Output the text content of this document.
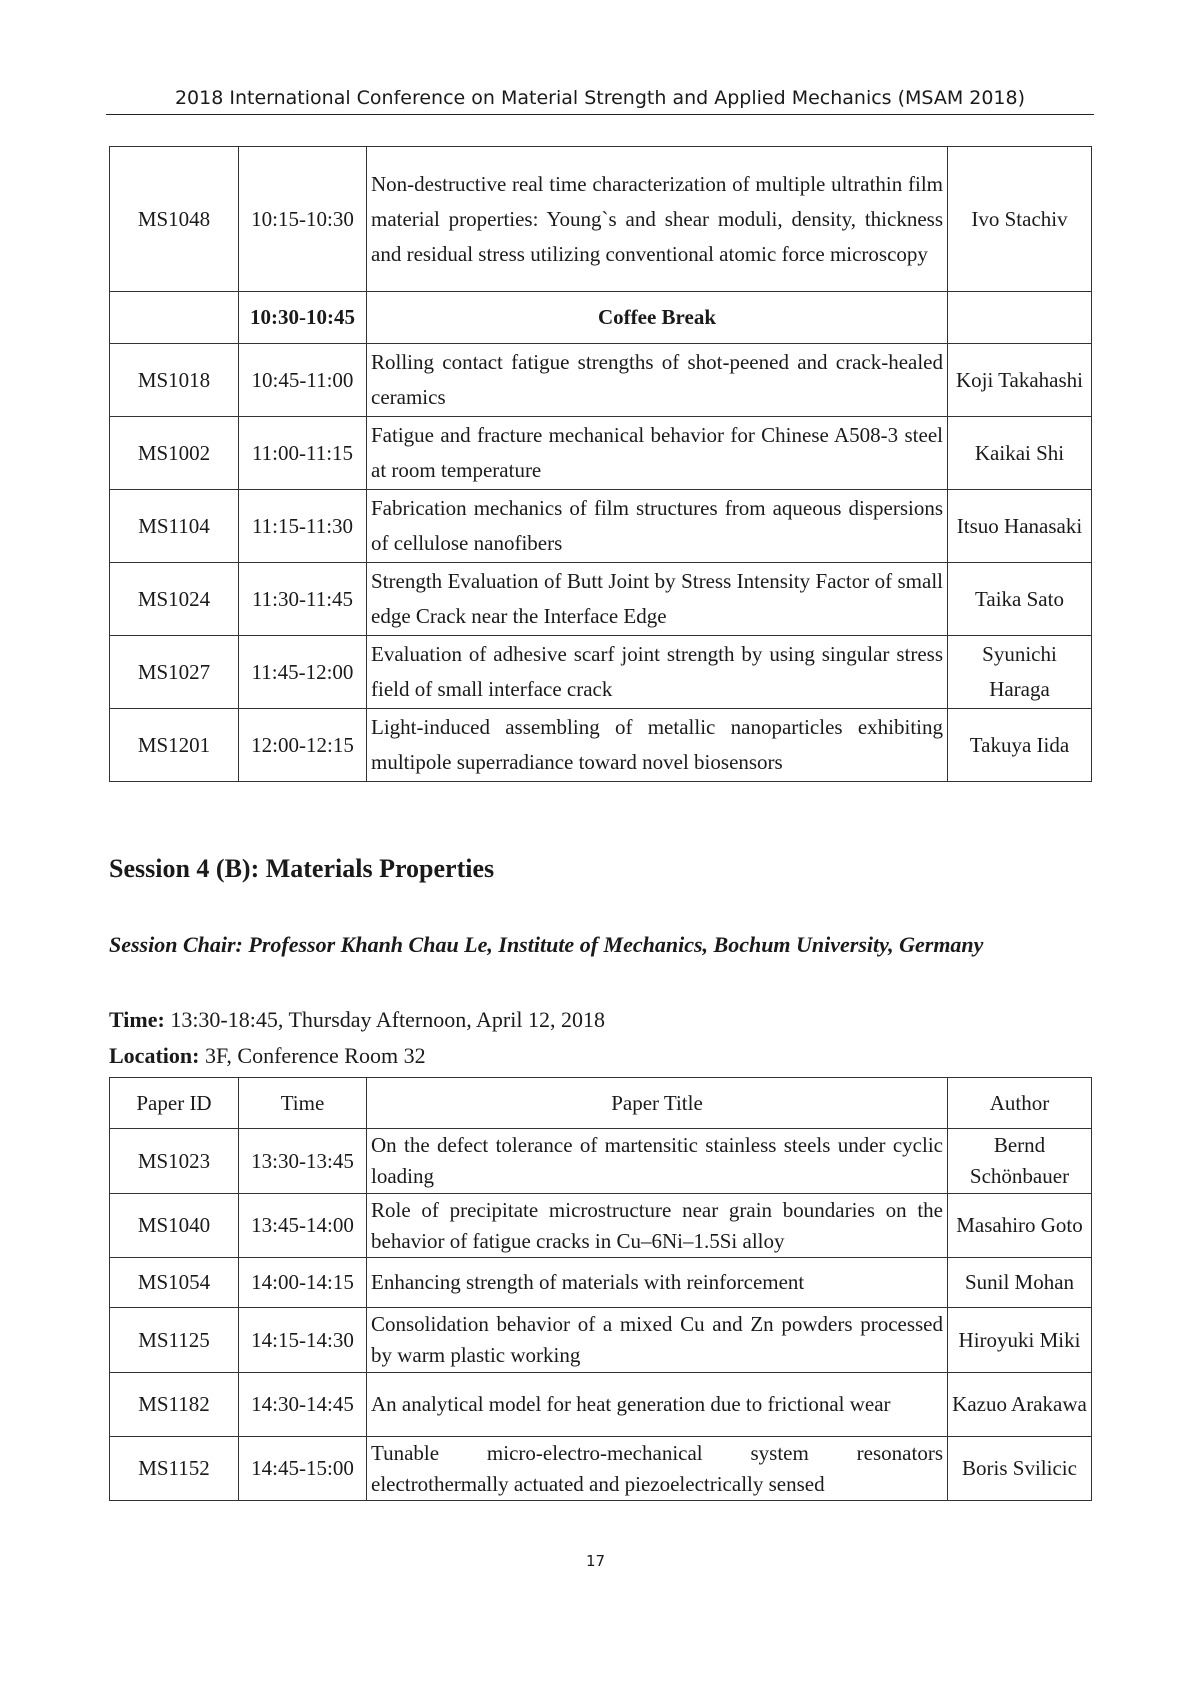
2018 International Conference on Material Strength and Applied Mechanics (MSAM 2018)
MS1048	10:15-10:30	Non-destructive real time characterization of multiple ultrathin film material properties: Young`s and shear moduli, density, thickness and residual stress utilizing conventional atomic force microscopy	Ivo Stachiv
	10:30-10:45	Coffee Break	
MS1018	10:45-11:00	Rolling contact fatigue strengths of shot-peened and crack-healed ceramics	Koji Takahashi
MS1002	11:00-11:15	Fatigue and fracture mechanical behavior for Chinese A508-3 steel at room temperature	Kaikai Shi
MS1104	11:15-11:30	Fabrication mechanics of film structures from aqueous dispersions of cellulose nanofibers	Itsuo Hanasaki
MS1024	11:30-11:45	Strength Evaluation of Butt Joint by Stress Intensity Factor of small edge Crack near the Interface Edge	Taika Sato
MS1027	11:45-12:00	Evaluation of adhesive scarf joint strength by using singular stress field of small interface crack	Syunichi Haraga
MS1201	12:00-12:15	Light-induced assembling of metallic nanoparticles exhibiting multipole superradiance toward novel biosensors	Takuya Iida
Session 4 (B): Materials Properties
Session Chair: Professor Khanh Chau Le, Institute of Mechanics, Bochum University, Germany
Time: 13:30-18:45, Thursday Afternoon, April 12, 2018
Location: 3F, Conference Room 32
Paper ID	Time	Paper Title	Author
MS1023	13:30-13:45	On the defect tolerance of martensitic stainless steels under cyclic loading	Bernd Schönbauer
MS1040	13:45-14:00	Role of precipitate microstructure near grain boundaries on the behavior of fatigue cracks in Cu–6Ni–1.5Si alloy	Masahiro Goto
MS1054	14:00-14:15	Enhancing strength of materials with reinforcement	Sunil Mohan
MS1125	14:15-14:30	Consolidation behavior of a mixed Cu and Zn powders processed by warm plastic working	Hiroyuki Miki
MS1182	14:30-14:45	An analytical model for heat generation due to frictional wear	Kazuo Arakawa
MS1152	14:45-15:00	Tunable micro-electro-mechanical system resonators electrothermally actuated and piezoelectrically sensed	Boris Svilicic
17
